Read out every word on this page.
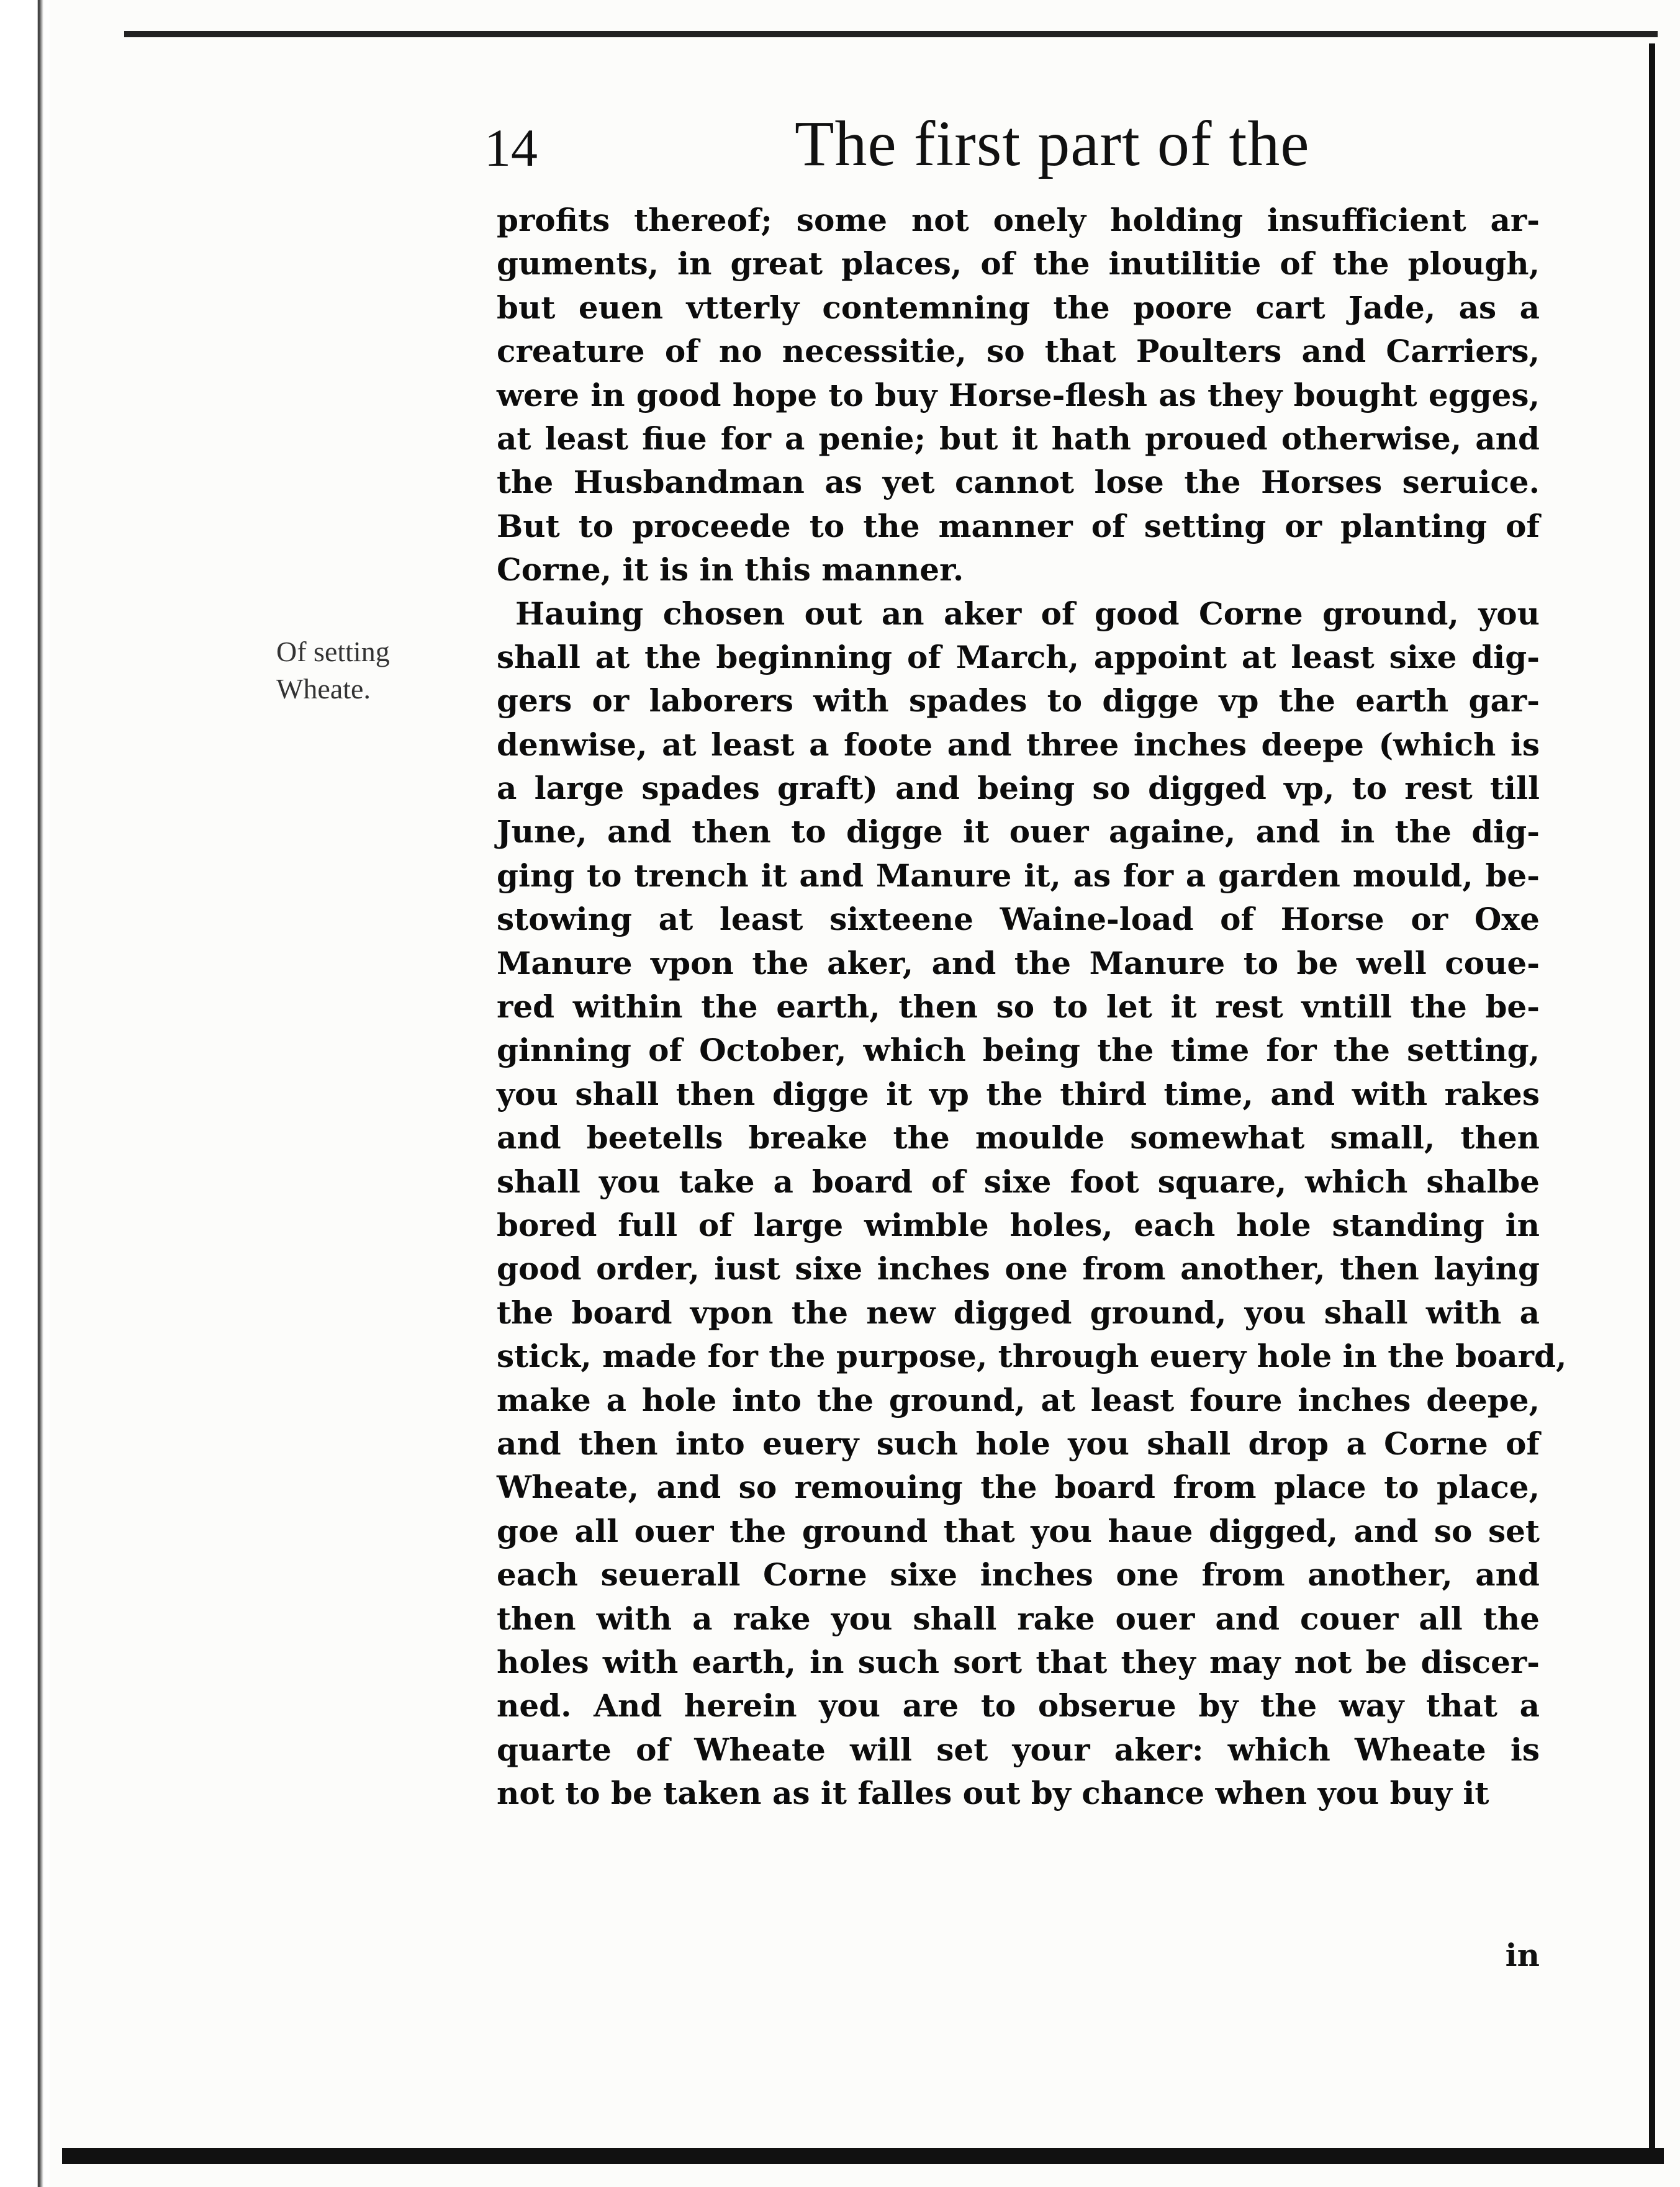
14	The first part of the
Of setting
Wheate.
profits thereof; some not onely holding insufficient ar-
guments, in great places, of the inutilitie of the plough,
but euen vtterly contemning the poore cart Jade, as a
creature of no necessitie, so that Poulters and Carriers,
were in good hope to buy Horse-flesh as they bought egges,
at least fiue for a penie; but it hath proued otherwise, and
the Husbandman as yet cannot lose the Horses seruice.
But to proceede to the manner of setting or planting of
Corne, it is in this manner.
Hauing chosen out an aker of good Corne ground, you
shall at the beginning of March, appoint at least sixe dig-
gers or laborers with spades to digge vp the earth gar-
denwise, at least a foote and three inches deepe (which is
a large spades graft) and being so digged vp, to rest till
June, and then to digge it ouer againe, and in the dig-
ging to trench it and Manure it, as for a garden mould, be-
stowing at least sixteene Waine-load of Horse or Oxe
Manure vpon the aker, and the Manure to be well coue-
red within the earth, then so to let it rest vntill the be-
ginning of October, which being the time for the setting,
you shall then digge it vp the third time, and with rakes
and beetells breake the moulde somewhat small, then
shall you take a board of sixe foot square, which shalbe
bored full of large wimble holes, each hole standing in
good order, iust sixe inches one from another, then laying
the board vpon the new digged ground, you shall with a
stick, made for the purpose, through euery hole in the board,
make a hole into the ground, at least foure inches deepe,
and then into euery such hole you shall drop a Corne of
Wheate, and so remouing the board from place to place,
goe all ouer the ground that you haue digged, and so set
each seuerall Corne sixe inches one from another, and
then with a rake you shall rake ouer and couer all the
holes with earth, in such sort that they may not be discer-
ned. And herein you are to obserue by the way that a
quarte of Wheate will set your aker: which Wheate is
not to be taken as it falles out by chance when you buy it
in
